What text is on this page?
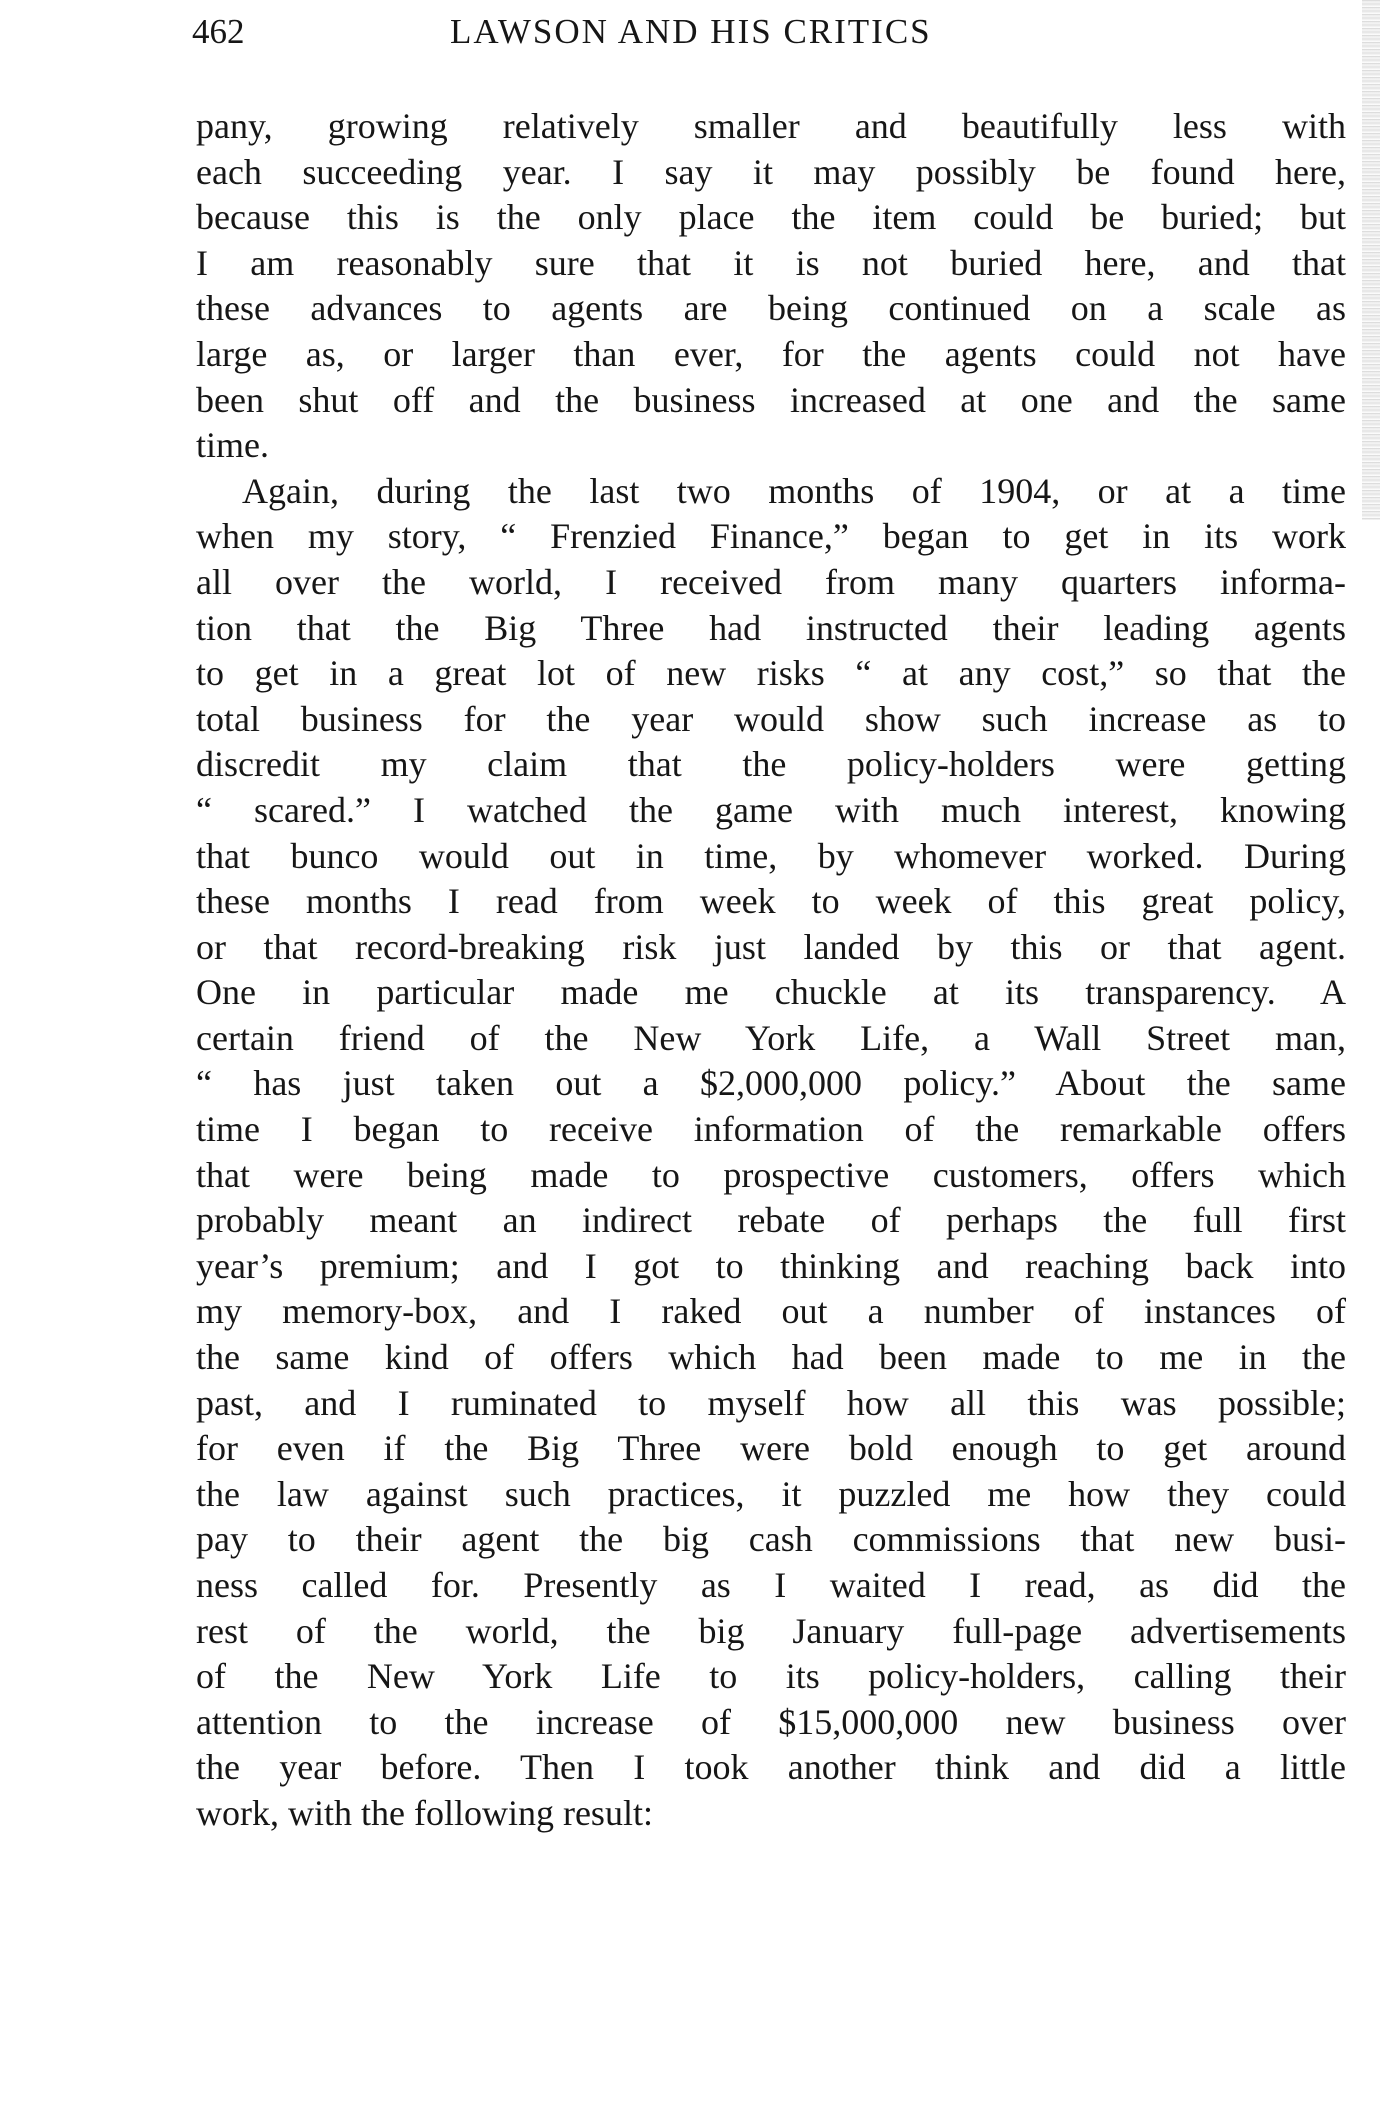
462	LAWSON AND HIS CRITICS
pany, growing relatively smaller and beautifully less with
each succeeding year. I say it may possibly be found here,
because this is the only place the item could be buried; but
I am reasonably sure that it is not buried here, and that
these advances to agents are being continued on a scale as
large as, or larger than ever, for the agents could not have
been shut off and the business increased at one and the same
time.
Again, during the last two months of 1904, or at a time
when my story, “ Frenzied Finance,” began to get in its work
all over the world, I received from many quarters informa-
tion that the Big Three had instructed their leading agents
to get in a great lot of new risks “ at any cost,” so that the
total business for the year would show such increase as to
discredit my claim that the policy-holders were getting
“ scared.” I watched the game with much interest, knowing
that bunco would out in time, by whomever worked. During
these months I read from week to week of this great policy,
or that record-breaking risk just landed by this or that agent.
One in particular made me chuckle at its transparency. A
certain friend of the New York Life, a Wall Street man,
“ has just taken out a $2,000,000 policy.” About the same
time I began to receive information of the remarkable offers
that were being made to prospective customers, offers which
probably meant an indirect rebate of perhaps the full first
year’s premium; and I got to thinking and reaching back into
my memory-box, and I raked out a number of instances of
the same kind of offers which had been made to me in the
past, and I ruminated to myself how all this was possible;
for even if the Big Three were bold enough to get around
the law against such practices, it puzzled me how they could
pay to their agent the big cash commissions that new busi-
ness called for. Presently as I waited I read, as did the
rest of the world, the big January full-page advertisements
of the New York Life to its policy-holders, calling their
attention to the increase of $15,000,000 new business over
the year before. Then I took another think and did a little
work, with the following result:
